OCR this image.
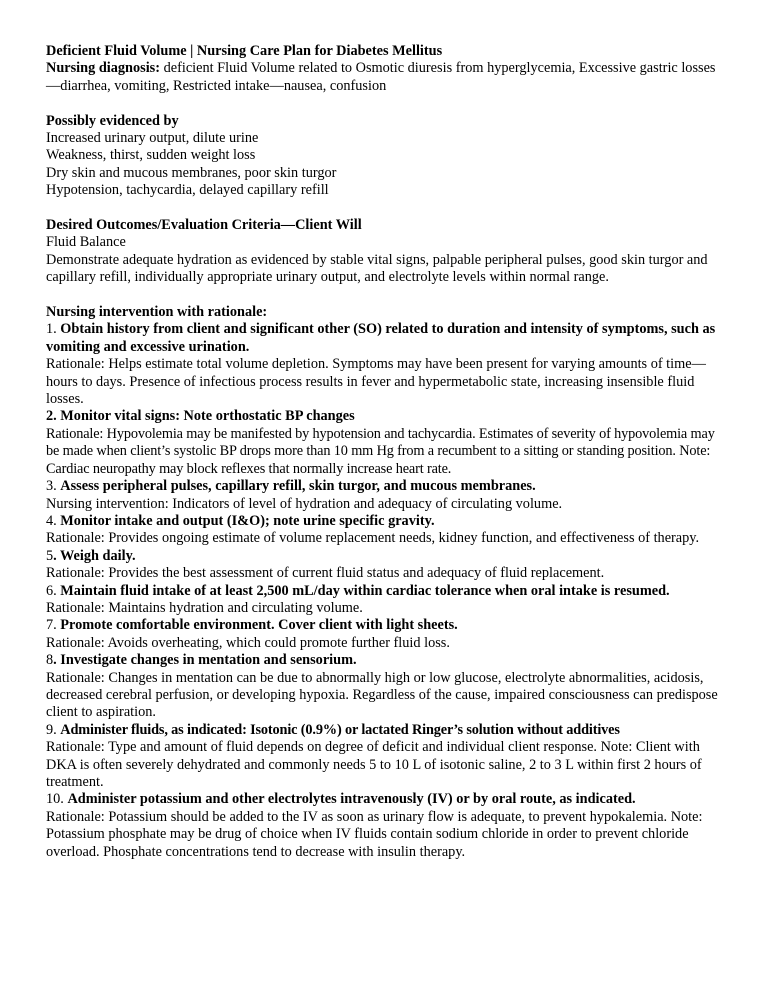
Deficient Fluid Volume | Nursing Care Plan for Diabetes Mellitus

Nursing diagnosis: deficient Fluid Volume related to Osmotic diuresis from hyperglycemia, Excessive gastric losses—diarrhea, vomiting, Restricted intake—nausea, confusion

Possibly evidenced by

Increased urinary output, dilute urine

Weakness, thirst, sudden weight loss

Dry skin and mucous membranes, poor skin turgor

Hypotension, tachycardia, delayed capillary refill

Desired Outcomes/Evaluation Criteria—Client Will

Fluid Balance

Demonstrate adequate hydration as evidenced by stable vital signs, palpable peripheral pulses, good skin turgor and capillary refill, individually appropriate urinary output, and electrolyte levels within normal range.

Nursing intervention with rationale:

1. Obtain history from client and significant other (SO) related to duration and intensity of symptoms, such as vomiting and excessive urination.

Rationale: Helps estimate total volume depletion. Symptoms may have been present for varying amounts of time—hours to days. Presence of infectious process results in fever and hypermetabolic state, increasing insensible fluid losses.

2. Monitor vital signs: Note orthostatic BP changes

Rationale: Hypovolemia may be manifested by hypotension and tachycardia. Estimates of severity of hypovolemia may be made when client’s systolic BP drops more than 10 mm Hg from a recumbent to a sitting or standing position. Note: Cardiac neuropathy may block reflexes that normally increase heart rate.

3. Assess peripheral pulses, capillary refill, skin turgor, and mucous membranes.

Nursing intervention: Indicators of level of hydration and adequacy of circulating volume.

4. Monitor intake and output (I&O); note urine specific gravity.

Rationale: Provides ongoing estimate of volume replacement needs, kidney function, and effectiveness of therapy.

5. Weigh daily.

Rationale: Provides the best assessment of current fluid status and adequacy of fluid replacement.

6. Maintain fluid intake of at least 2,500 mL/day within cardiac tolerance when oral intake is resumed.

Rationale: Maintains hydration and circulating volume.

7. Promote comfortable environment. Cover client with light sheets.

Rationale: Avoids overheating, which could promote further fluid loss.

8. Investigate changes in mentation and sensorium.

Rationale: Changes in mentation can be due to abnormally high or low glucose, electrolyte abnormalities, acidosis, decreased cerebral perfusion, or developing hypoxia. Regardless of the cause, impaired consciousness can predispose client to aspiration.

9. Administer fluids, as indicated: Isotonic (0.9%) or lactated Ringer’s solution without additives

Rationale: Type and amount of fluid depends on degree of deficit and individual client response. Note: Client with DKA is often severely dehydrated and commonly needs 5 to 10 L of isotonic saline, 2 to 3 L within first 2 hours of treatment.

10. Administer potassium and other electrolytes intravenously (IV) or by oral route, as indicated.

Rationale: Potassium should be added to the IV as soon as urinary flow is adequate, to prevent hypokalemia. Note: Potassium phosphate may be drug of choice when IV fluids contain sodium chloride in order to prevent chloride overload. Phosphate concentrations tend to decrease with insulin therapy.
